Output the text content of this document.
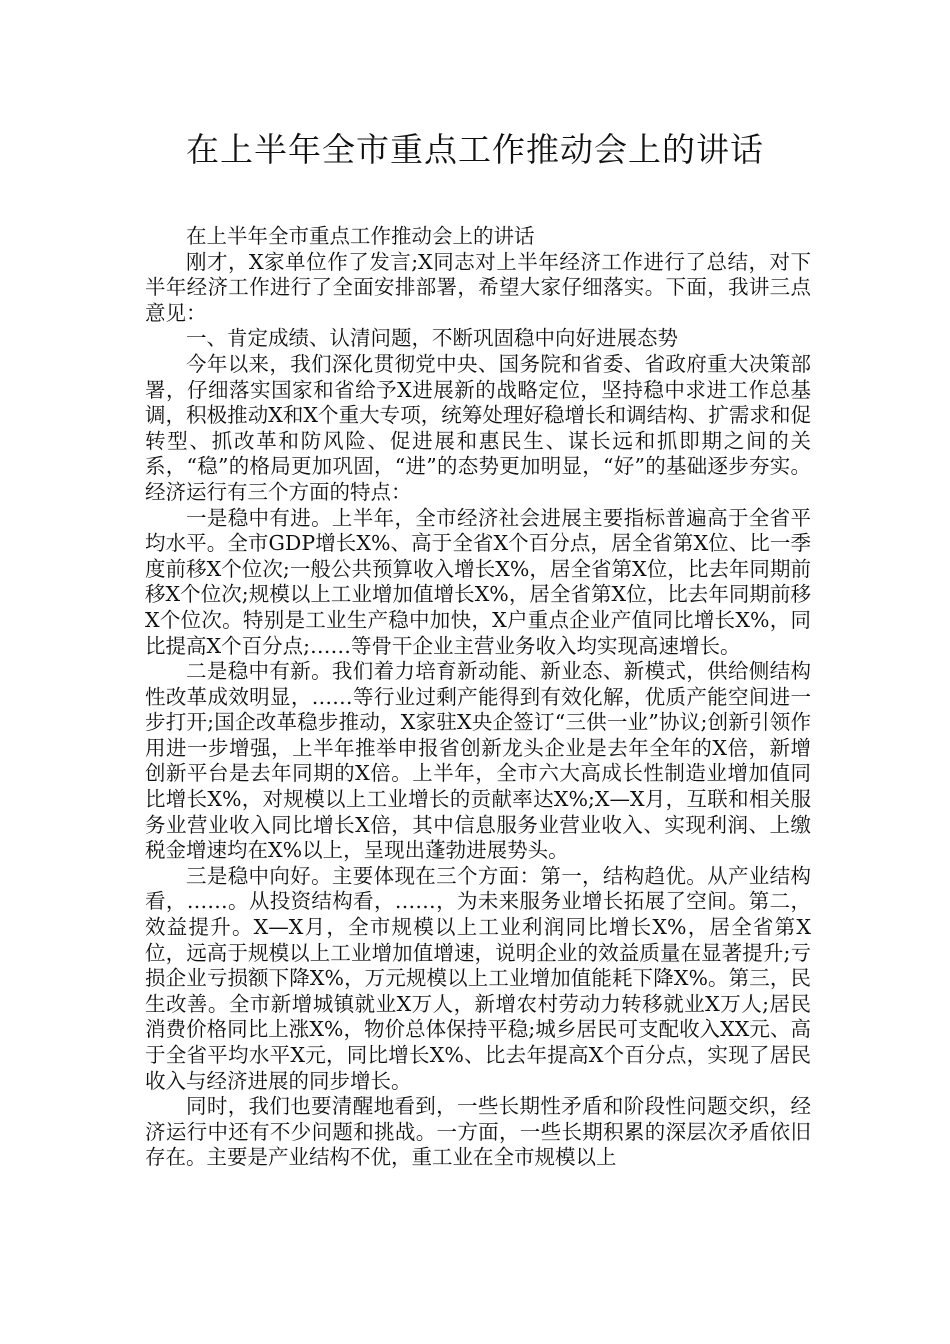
在上半年全市重点工作推动会上的讲话

在上半年全市重点工作推动会上的讲话

刚才，X家单位作了发言;X同志对上半年经济工作进行了总结，对下半年经济工作进行了全面安排部署，希望大家仔细落实。下面，我讲三点意见：

一、肯定成绩、认清问题，不断巩固稳中向好进展态势

今年以来，我们深化贯彻党中央、国务院和省委、省政府重大决策部署，仔细落实国家和省给予X进展新的战略定位，坚持稳中求进工作总基调，积极推动X和X个重大专项，统筹处理好稳增长和调结构、扩需求和促转型、抓改革和防风险、促进展和惠民生、谋长远和抓即期之间的关系，“稳”的格局更加巩固，“进”的态势更加明显，“好”的基础逐步夯实。经济运行有三个方面的特点：

一是稳中有进。上半年，全市经济社会进展主要指标普遍高于全省平均水平。全市GDP增长X%、高于全省X个百分点，居全省第X位、比一季度前移X个位次;一般公共预算收入增长X%，居全省第X位，比去年同期前移X个位次;规模以上工业增加值增长X%，居全省第X位，比去年同期前移X个位次。特别是工业生产稳中加快，X户重点企业产值同比增长X%，同比提高X个百分点;……等骨干企业主营业务收入均实现高速增长。

二是稳中有新。我们着力培育新动能、新业态、新模式，供给侧结构性改革成效明显，……等行业过剩产能得到有效化解，优质产能空间进一步打开;国企改革稳步推动，X家驻X央企签订“三供一业”协议;创新引领作用进一步增强，上半年推举申报省创新龙头企业是去年全年的X倍，新增创新平台是去年同期的X倍。上半年，全市六大高成长性制造业增加值同比增长X%，对规模以上工业增长的贡献率达X%;X—X月，互联和相关服务业营业收入同比增长X倍，其中信息服务业营业收入、实现利润、上缴税金增速均在X%以上，呈现出蓬勃进展势头。

三是稳中向好。主要体现在三个方面：第一，结构趋优。从产业结构看，……。从投资结构看，……，为未来服务业增长拓展了空间。第二，效益提升。X—X月，全市规模以上工业利润同比增长X%，居全省第X位，远高于规模以上工业增加值增速，说明企业的效益质量在显著提升;亏损企业亏损额下降X%，万元规模以上工业增加值能耗下降X%。第三，民生改善。全市新增城镇就业X万人，新增农村劳动力转移就业X万人;居民消费价格同比上涨X%，物价总体保持平稳;城乡居民可支配收入XX元、高于全省平均水平X元，同比增长X%、比去年提高X个百分点，实现了居民收入与经济进展的同步增长。

同时，我们也要清醒地看到，一些长期性矛盾和阶段性问题交织，经济运行中还有不少问题和挑战。一方面，一些长期积累的深层次矛盾依旧存在。主要是产业结构不优，重工业在全市规模以上
